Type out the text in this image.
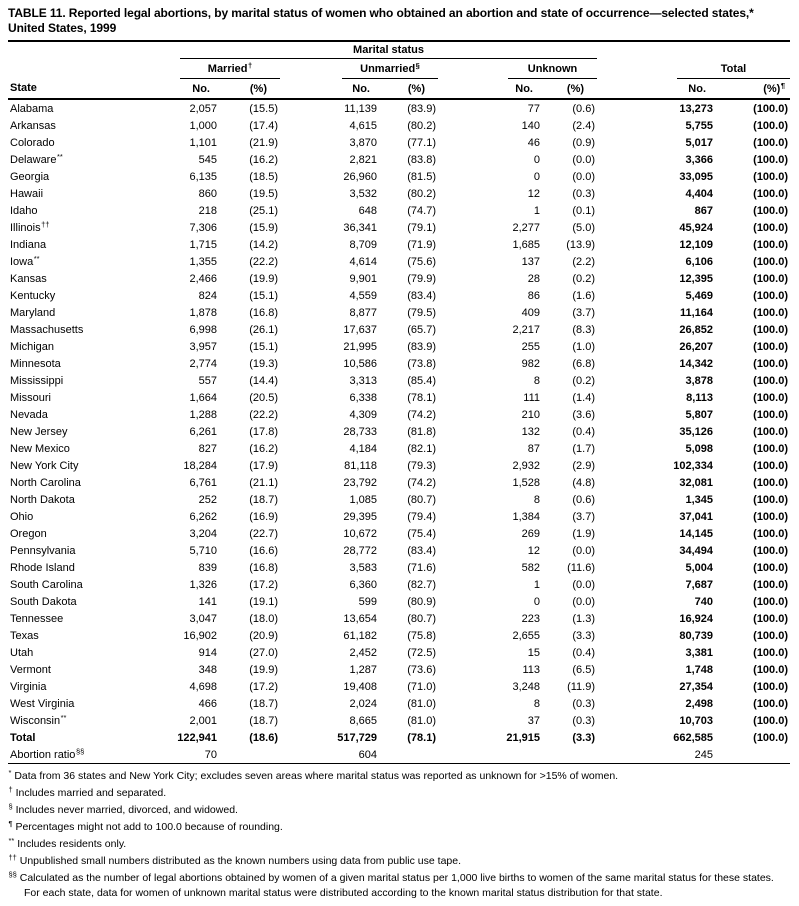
TABLE 11. Reported legal abortions, by marital status of women who obtained an abortion and state of occurrence—selected states,* United States, 1999
State	Marital status							

	Married†		Unmarried§		Unknown		Total	

	No.	(%)	No.	(%)	No.	(%)	No.	(%)¶
Alabama	2,057	(15.5)	11,139	(83.9)	77	(0.6)	13,273	(100.0)
Arkansas	1,000	(17.4)	4,615	(80.2)	140	(2.4)	5,755	(100.0)
Colorado	1,101	(21.9)	3,870	(77.1)	46	(0.9)	5,017	(100.0)
Delaware**	545	(16.2)	2,821	(83.8)	0	(0.0)	3,366	(100.0)
Georgia	6,135	(18.5)	26,960	(81.5)	0	(0.0)	33,095	(100.0)
Hawaii	860	(19.5)	3,532	(80.2)	12	(0.3)	4,404	(100.0)
Idaho	218	(25.1)	648	(74.7)	1	(0.1)	867	(100.0)
Illinois††	7,306	(15.9)	36,341	(79.1)	2,277	(5.0)	45,924	(100.0)
Indiana	1,715	(14.2)	8,709	(71.9)	1,685	(13.9)	12,109	(100.0)
Iowa**	1,355	(22.2)	4,614	(75.6)	137	(2.2)	6,106	(100.0)
Kansas	2,466	(19.9)	9,901	(79.9)	28	(0.2)	12,395	(100.0)
Kentucky	824	(15.1)	4,559	(83.4)	86	(1.6)	5,469	(100.0)
Maryland	1,878	(16.8)	8,877	(79.5)	409	(3.7)	11,164	(100.0)
Massachusetts	6,998	(26.1)	17,637	(65.7)	2,217	(8.3)	26,852	(100.0)
Michigan	3,957	(15.1)	21,995	(83.9)	255	(1.0)	26,207	(100.0)
Minnesota	2,774	(19.3)	10,586	(73.8)	982	(6.8)	14,342	(100.0)
Mississippi	557	(14.4)	3,313	(85.4)	8	(0.2)	3,878	(100.0)
Missouri	1,664	(20.5)	6,338	(78.1)	111	(1.4)	8,113	(100.0)
Nevada	1,288	(22.2)	4,309	(74.2)	210	(3.6)	5,807	(100.0)
New Jersey	6,261	(17.8)	28,733	(81.8)	132	(0.4)	35,126	(100.0)
New Mexico	827	(16.2)	4,184	(82.1)	87	(1.7)	5,098	(100.0)
New York City	18,284	(17.9)	81,118	(79.3)	2,932	(2.9)	102,334	(100.0)
North Carolina	6,761	(21.1)	23,792	(74.2)	1,528	(4.8)	32,081	(100.0)
North Dakota	252	(18.7)	1,085	(80.7)	8	(0.6)	1,345	(100.0)
Ohio	6,262	(16.9)	29,395	(79.4)	1,384	(3.7)	37,041	(100.0)
Oregon	3,204	(22.7)	10,672	(75.4)	269	(1.9)	14,145	(100.0)
Pennsylvania	5,710	(16.6)	28,772	(83.4)	12	(0.0)	34,494	(100.0)
Rhode Island	839	(16.8)	3,583	(71.6)	582	(11.6)	5,004	(100.0)
South Carolina	1,326	(17.2)	6,360	(82.7)	1	(0.0)	7,687	(100.0)
South Dakota	141	(19.1)	599	(80.9)	0	(0.0)	740	(100.0)
Tennessee	3,047	(18.0)	13,654	(80.7)	223	(1.3)	16,924	(100.0)
Texas	16,902	(20.9)	61,182	(75.8)	2,655	(3.3)	80,739	(100.0)
Utah	914	(27.0)	2,452	(72.5)	15	(0.4)	3,381	(100.0)
Vermont	348	(19.9)	1,287	(73.6)	113	(6.5)	1,748	(100.0)
Virginia	4,698	(17.2)	19,408	(71.0)	3,248	(11.9)	27,354	(100.0)
West Virginia	466	(18.7)	2,024	(81.0)	8	(0.3)	2,498	(100.0)
Wisconsin**	2,001	(18.7)	8,665	(81.0)	37	(0.3)	10,703	(100.0)
Total	122,941	(18.6)	517,729	(78.1)	21,915	(3.3)	662,585	(100.0)
Abortion ratio§§	70		604				245	

* Data from 36 states and New York City; excludes seven areas where marital status was reported as unknown for >15% of women.

† Includes married and separated.

§ Includes never married, divorced, and widowed.

¶ Percentages might not add to 100.0 because of rounding.

** Includes residents only.

†† Unpublished small numbers distributed as the known numbers using data from public use tape.

§§ Calculated as the number of legal abortions obtained by women of a given marital status per 1,000 live births to women of the same marital status for these states. For each state, data for women of unknown marital status were distributed according to the known marital status distribution for that state.
